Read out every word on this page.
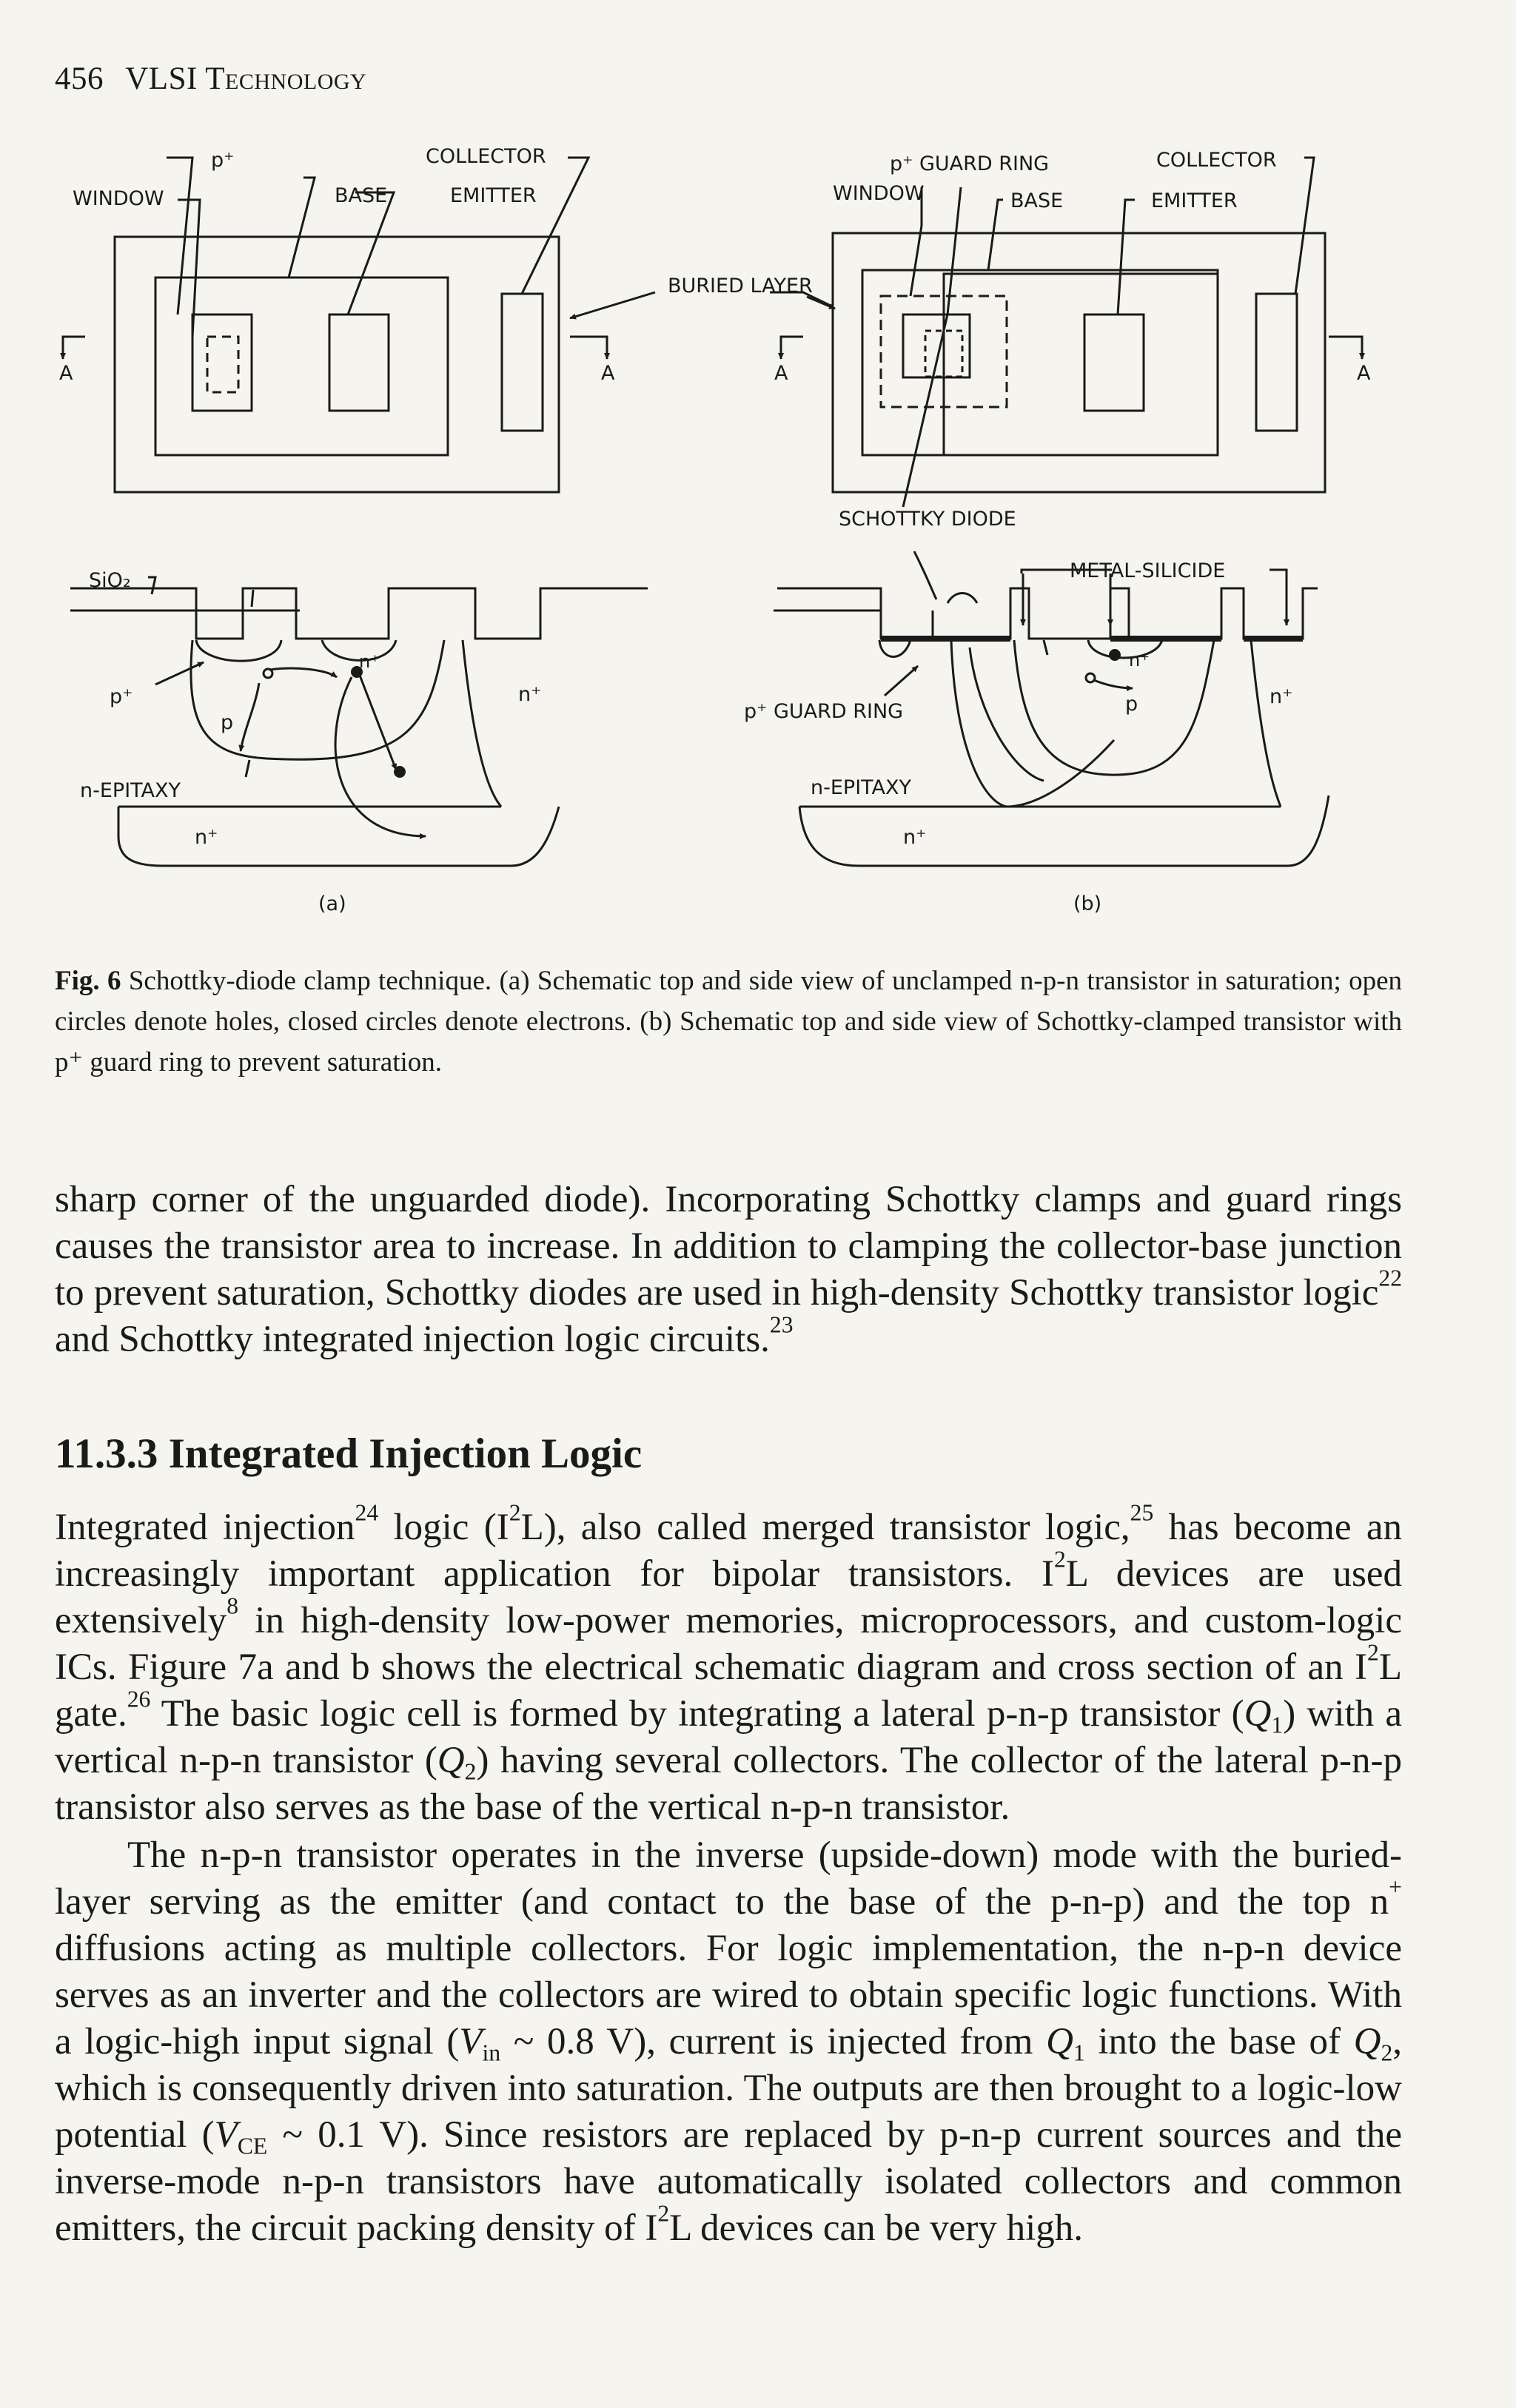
456 VLSI Technology
p⁺	COLLECTOR
WINDOW	BASE	EMITTER
A	A
BURIED LAYER
p⁺ GUARD RING	COLLECTOR
WINDOW	BASE	EMITTER
A	A
SCHOTTKY DIODE
SiO₂
n⁺
p⁺
p
n⁺
n-EPITAXY
n⁺
(a)
METAL-SILICIDE
n⁺
p⁺ GUARD RING	p	n⁺
n-EPITAXY
n⁺
(b)
Fig. 6 Schottky-diode clamp technique. (a) Schematic top and side view of unclamped n-p-n transistor in saturation; open circles denote holes, closed circles denote electrons. (b) Schematic top and side view of Schottky-clamped transistor with p⁺ guard ring to prevent saturation.
sharp corner of the unguarded diode). Incorporating Schottky clamps and guard rings causes the transistor area to increase. In addition to clamping the collector-base junction to prevent saturation, Schottky diodes are used in high-density Schottky transistor logic$^{22}$ and Schottky integrated injection logic circuits.$^{23}$
11.3.3 Integrated Injection Logic
Integrated injection$^{24}$ logic $(I^2L)$, also called merged transistor logic,$^{25}$ has become an increasingly important application for bipolar transistors. $I^2L$ devices are used extensively$^8$ in high-density low-power memories, microprocessors, and custom-logic ICs. Figure 7a and b shows the electrical schematic diagram and cross section of an $I^2L$ gate.$^{26}$ The basic logic cell is formed by integrating a lateral p-n-p transistor $(Q_1)$ with a vertical n-p-n transistor $(Q_2)$ having several collectors. The collector of the lateral p-n-p transistor also serves as the base of the vertical n-p-n transistor.
The n-p-n transistor operates in the inverse (upside-down) mode with the buried-layer serving as the emitter (and contact to the base of the p-n-p) and the top n+ diffusions acting as multiple collectors. For logic implementation, the n-p-n device serves as an inverter and the collectors are wired to obtain specific logic functions. With a logic-high input signal ($V_{in}$ ~ 0.8 V), current is injected from $Q_1$ into the base of $Q_2$, which is consequently driven into saturation. The outputs are then brought to a logic-low potential ($V_{CE}$ ~ 0.1 V). Since resistors are replaced by p-n-p current sources and the inverse-mode n-p-n transistors have automatically isolated collectors and common emitters, the circuit packing density of $I^2L$ devices can be very high.
